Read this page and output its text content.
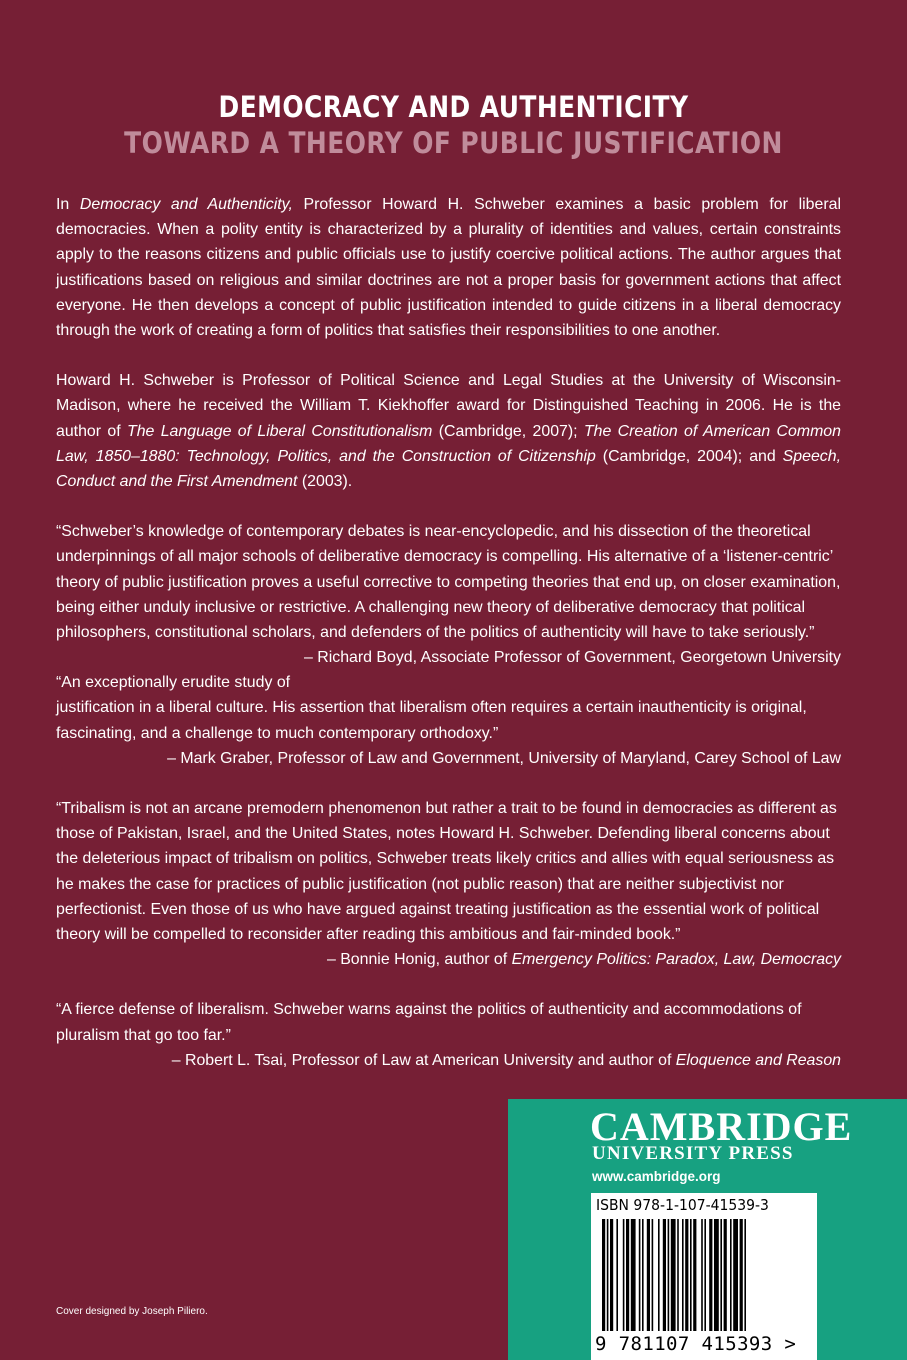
DEMOCRACY AND AUTHENTICITY
TOWARD A THEORY OF PUBLIC JUSTIFICATION

In Democracy and Authenticity, Professor Howard H. Schweber examines a basic problem for liberal democracies. When a polity entity is characterized by a plurality of identities and values, certain constraints apply to the reasons citizens and public officials use to justify coercive political actions. The author argues that justifications based on religious and similar doctrines are not a proper basis for government actions that affect everyone. He then develops a concept of public justification intended to guide citizens in a liberal democracy through the work of creating a form of politics that satisfies their responsibilities to one another.

Howard H. Schweber is Professor of Political Science and Legal Studies at the University of Wisconsin-Madison, where he received the William T. Kiekhoffer award for Distinguished Teaching in 2006. He is the author of The Language of Liberal Constitutionalism (Cambridge, 2007); The Creation of American Common Law, 1850–1880: Technology, Politics, and the Construction of Citizenship (Cambridge, 2004); and Speech, Conduct and the First Amendment (2003).

“Schweber’s knowledge of contemporary debates is near-encyclopedic, and his dissection of the theoretical underpinnings of all major schools of deliberative democracy is compelling. His alternative of a ‘listener-centric’ theory of public justification proves a useful corrective to competing theories that end up, on closer examination, being either unduly inclusive or restrictive. A challenging new theory of deliberative democracy that political philosophers, constitutional scholars, and defenders of the politics of authenticity will have to take seriously.”
– Richard Boyd, Associate Professor of Government, Georgetown University

“An exceptionally erudite study of justification in a liberal culture. His assertion that liberalism often requires a certain inauthenticity is original, fascinating, and a challenge to much contemporary orthodoxy.”
– Mark Graber, Professor of Law and Government, University of Maryland, Carey School of Law

“Tribalism is not an arcane premodern phenomenon but rather a trait to be found in democracies as different as those of Pakistan, Israel, and the United States, notes Howard H. Schweber. Defending liberal concerns about the deleterious impact of tribalism on politics, Schweber treats likely critics and allies with equal seriousness as he makes the case for practices of public justification (not public reason) that are neither subjectivist nor perfectionist. Even those of us who have argued against treating justification as the essential work of political theory will be compelled to reconsider after reading this ambitious and fair-minded book.”
– Bonnie Honig, author of Emergency Politics: Paradox, Law, Democracy

“A fierce defense of liberalism. Schweber warns against the politics of authenticity and accommodations of pluralism that go too far.”
– Robert L. Tsai, Professor of Law at American University and author of Eloquence and Reason

CAMBRIDGE
UNIVERSITY PRESS
www.cambridge.org
ISBN 978-1-107-41539-3
9 781107 415393 >
Cover designed by Joseph Piliero.
